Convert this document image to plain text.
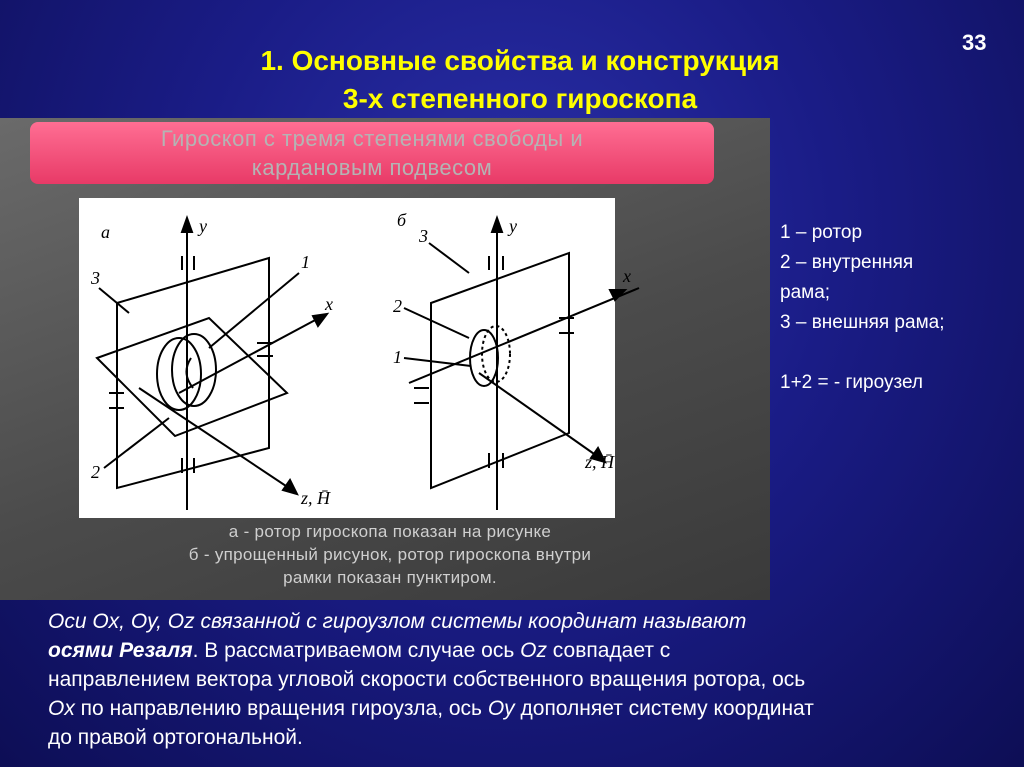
33
1. Основные свойства и конструкция
3-х степенного гироскопа
Гироскоп с тремя степенями свободы и
кардановым подвесом
а
б
y	y
x
x
z, H̄
z, H̄
3
1
2
3
2
1
а - ротор гироскопа показан на рисунке
б - упрощенный рисунок, ротор гироскопа внутри
рамки показан пунктиром.
1 – ротор
2 – внутренняя
рама;
3 – внешняя рама;
1+2 = - гироузел
Оси Ox, Oy, Oz связанной с гироузлом системы координат называют
осями Резаля. В рассматриваемом случае ось Oz совпадает с
направлением вектора угловой скорости собственного вращения ротора, ось
Ox по направлению вращения гироузла, ось Oy дополняет систему координат
до правой ортогональной.
